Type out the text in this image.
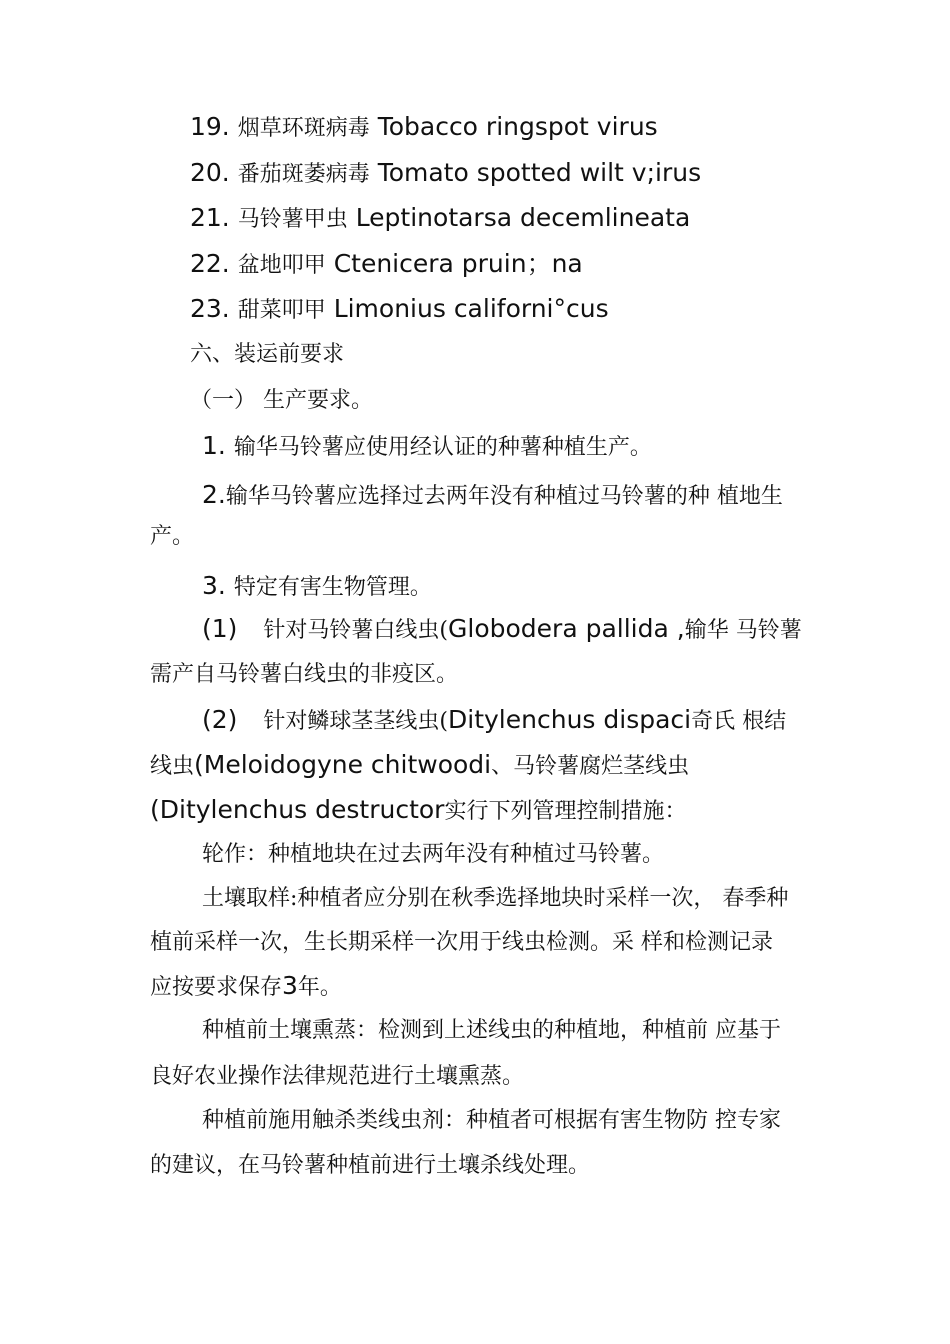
19. 烟草环斑病毒 Tobacco ringspot virus
20. 番茄斑萎病毒 Tomato spotted wilt v;irus
21. 马铃薯甲虫 Leptinotarsa decemlineata
22. 盆地叩甲 Ctenicera pruin；na
23. 甜菜叩甲 Limonius californi°cus
六、装运前要求
（一） 生产要求。
1. 输华马铃薯应使用经认证的种薯种植生产。
2.输华马铃薯应选择过去两年没有种植过马铃薯的种 植地生
产。
3. 特定有害生物管理。
(1) 针对马铃薯白线虫(Globodera pallida ,输华 马铃薯
需产自马铃薯白线虫的非疫区。
(2) 针对鳞球茎茎线虫(Ditylenchus dispaci奇氏 根结
线虫(Meloidogyne chitwoodi、马铃薯腐烂茎线虫
(Ditylenchus destructor实行下列管理控制措施：
轮作：种植地块在过去两年没有种植过马铃薯。
土壤取样:种植者应分别在秋季选择地块时采样一次， 春季种
植前采样一次，生长期采样一次用于线虫检测。采 样和检测记录
应按要求保存3年。
种植前土壤熏蒸：检测到上述线虫的种植地，种植前 应基于
良好农业操作法律规范进行土壤熏蒸。
种植前施用触杀类线虫剂：种植者可根据有害生物防 控专家
的建议，在马铃薯种植前进行土壤杀线处理。
